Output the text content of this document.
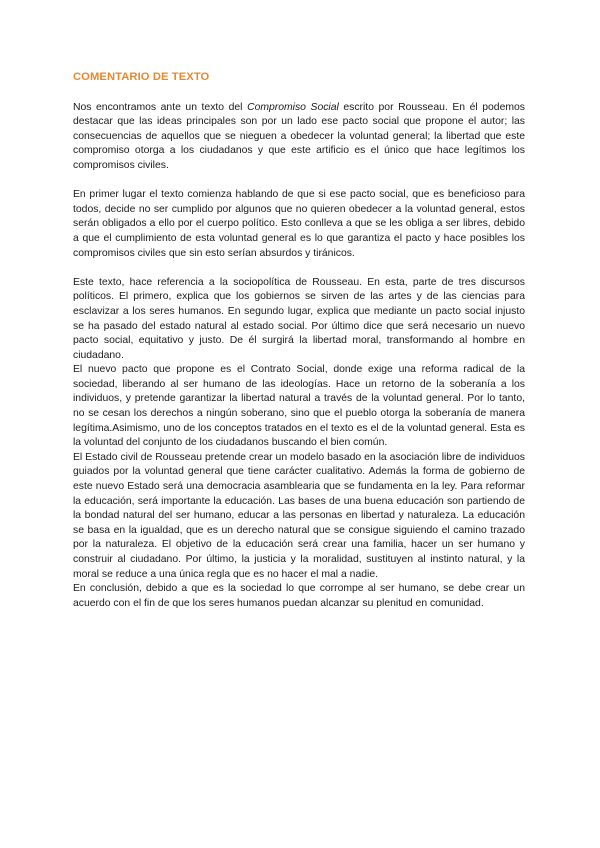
COMENTARIO DE TEXTO

Nos encontramos ante un texto del Compromiso Social escrito por Rousseau. En él podemos destacar que las ideas principales son por un lado ese pacto social que propone el autor; las consecuencias de aquellos que se nieguen a obedecer la voluntad general; la libertad que este compromiso otorga a los ciudadanos y que este artificio es el único que hace legítimos los compromisos civiles.

En primer lugar el texto comienza hablando de que si ese pacto social, que es beneficioso para todos, decide no ser cumplido por algunos que no quieren obedecer a la voluntad general, estos serán obligados a ello por el cuerpo político. Esto conlleva a que se les obliga a ser libres, debido a que el cumplimiento de esta voluntad general es lo que garantiza el pacto y hace posibles los compromisos civiles que sin esto serían absurdos y tiránicos.

Este texto, hace referencia a la sociopolítica de Rousseau. En esta, parte de tres discursos políticos. El primero, explica que los gobiernos se sirven de las artes y de las ciencias para esclavizar a los seres humanos. En segundo lugar, explica que mediante un pacto social injusto se ha pasado del estado natural al estado social. Por último dice que será necesario un nuevo pacto social, equitativo y justo. De él surgirá la libertad moral, transformando al hombre en ciudadano.

El nuevo pacto que propone es el Contrato Social, donde exige una reforma radical de la sociedad, liberando al ser humano de las ideologías. Hace un retorno de la soberanía a los individuos, y pretende garantizar la libertad natural a través de la voluntad general. Por lo tanto, no se cesan los derechos a ningún soberano, sino que el pueblo otorga la soberanía de manera legítima.Asimismo, uno de los conceptos tratados en el texto es el de la voluntad general. Esta es la voluntad del conjunto de los ciudadanos buscando el bien común.

El Estado civil de Rousseau pretende crear un modelo basado en la asociación libre de individuos guiados por la voluntad general que tiene carácter cualitativo. Además la forma de gobierno de este nuevo Estado será una democracia asamblearia que se fundamenta en la ley. Para reformar la educación, será importante la educación. Las bases de una buena educación son partiendo de la bondad natural del ser humano, educar a las personas en libertad y naturaleza. La educación se basa en la igualdad, que es un derecho natural que se consigue siguiendo el camino trazado por la naturaleza. El objetivo de la educación será crear una familia, hacer un ser humano y construir al ciudadano. Por último, la justicia y la moralidad, sustituyen al instinto natural, y la moral se reduce a una única regla que es no hacer el mal a nadie.

En conclusión, debido a que es la sociedad lo que corrompe al ser humano, se debe crear un acuerdo con el fin de que los seres humanos puedan alcanzar su plenitud en comunidad.
